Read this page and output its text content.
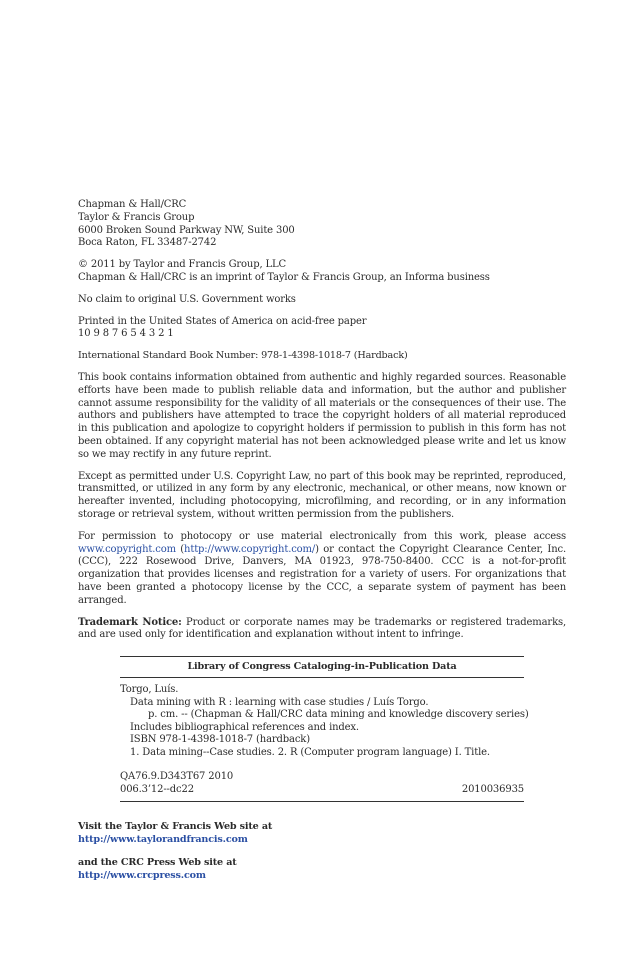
Chapman & Hall/CRC
Taylor & Francis Group
6000 Broken Sound Parkway NW, Suite 300
Boca Raton, FL 33487-2742
© 2011 by Taylor and Francis Group, LLC
Chapman & Hall/CRC is an imprint of Taylor & Francis Group, an Informa business
No claim to original U.S. Government works
Printed in the United States of America on acid-free paper
10 9 8 7 6 5 4 3 2 1
International Standard Book Number: 978-1-4398-1018-7 (Hardback)

This book contains information obtained from authentic and highly regarded sources. Reasonable efforts have been made to publish reliable data and information, but the author and publisher cannot assume responsibility for the validity of all materials or the consequences of their use. The authors and publishers have attempted to trace the copyright holders of all material reproduced in this publication and apologize to copyright holders if permission to publish in this form has not been obtained. If any copyright material has not been acknowledged please write and let us know so we may rectify in any future reprint.

Except as permitted under U.S. Copyright Law, no part of this book may be reprinted, reproduced, transmitted, or utilized in any form by any electronic, mechanical, or other means, now known or hereafter invented, including photocopying, microfilming, and recording, or in any information storage or retrieval system, without written permission from the publishers.

For permission to photocopy or use material electronically from this work, please access www.copyright.com (http://www.copyright.com/) or contact the Copyright Clearance Center, Inc. (CCC), 222 Rosewood Drive, Danvers, MA 01923, 978-750-8400. CCC is a not-for-profit organization that provides licenses and registration for a variety of users. For organizations that have been granted a photocopy license by the CCC, a separate system of payment has been arranged.

Trademark Notice: Product or corporate names may be trademarks or registered trademarks, and are used only for identification and explanation without intent to infringe.

Library of Congress Cataloging-in-Publication Data
Torgo, Luís.
Data mining with R : learning with case studies / Luís Torgo.
p. cm. -- (Chapman & Hall/CRC data mining and knowledge discovery series)
Includes bibliographical references and index.
ISBN 978-1-4398-1018-7 (hardback)
1. Data mining--Case studies. 2. R (Computer program language) I. Title.
QA76.9.D343T67 2010
006.3’12--dc22	2010036935
Visit the Taylor & Francis Web site at
http://www.taylorandfrancis.com
and the CRC Press Web site at
http://www.crcpress.com
